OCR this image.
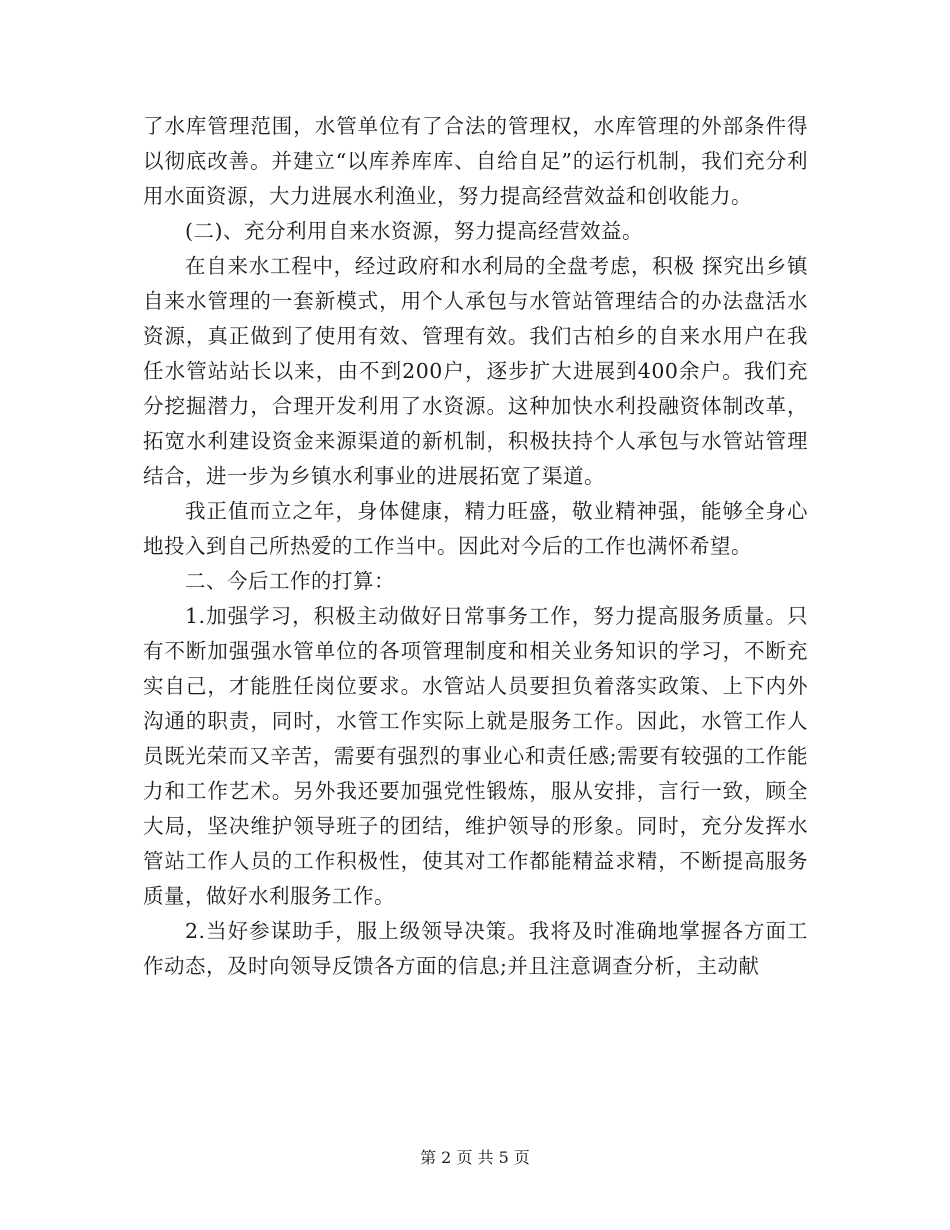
了水库管理范围，水管单位有了合法的管理权，水库管理的外部条件得以彻底改善。并建立“以库养库库、自给自足”的运行机制，我们充分利用水面资源，大力进展水利渔业，努力提高经营效益和创收能力。

(二)、充分利用自来水资源，努力提高经营效益。

在自来水工程中，经过政府和水利局的全盘考虑，积极 探究出乡镇自来水管理的一套新模式，用个人承包与水管站管理结合的办法盘活水资源，真正做到了使用有效、管理有效。我们古柏乡的自来水用户在我任水管站站长以来，由不到200户，逐步扩大进展到400余户。我们充分挖掘潜力，合理开发利用了水资源。这种加快水利投融资体制改革，拓宽水利建设资金来源渠道的新机制，积极扶持个人承包与水管站管理结合，进一步为乡镇水利事业的进展拓宽了渠道。

我正值而立之年，身体健康，精力旺盛，敬业精神强，能够全身心地投入到自己所热爱的工作当中。因此对今后的工作也满怀希望。

二、今后工作的打算：

1.加强学习，积极主动做好日常事务工作，努力提高服务质量。只有不断加强强水管单位的各项管理制度和相关业务知识的学习，不断充实自己，才能胜任岗位要求。水管站人员要担负着落实政策、上下内外沟通的职责，同时，水管工作实际上就是服务工作。因此，水管工作人员既光荣而又辛苦，需要有强烈的事业心和责任感;需要有较强的工作能力和工作艺术。另外我还要加强党性锻炼，服从安排，言行一致，顾全大局，坚决维护领导班子的团结，维护领导的形象。同时，充分发挥水管站工作人员的工作积极性，使其对工作都能精益求精，不断提高服务质量，做好水利服务工作。

2.当好参谋助手，服上级领导决策。我将及时准确地掌握各方面工作动态，及时向领导反馈各方面的信息;并且注意调查分析，主动献

第 2 页 共 5 页
